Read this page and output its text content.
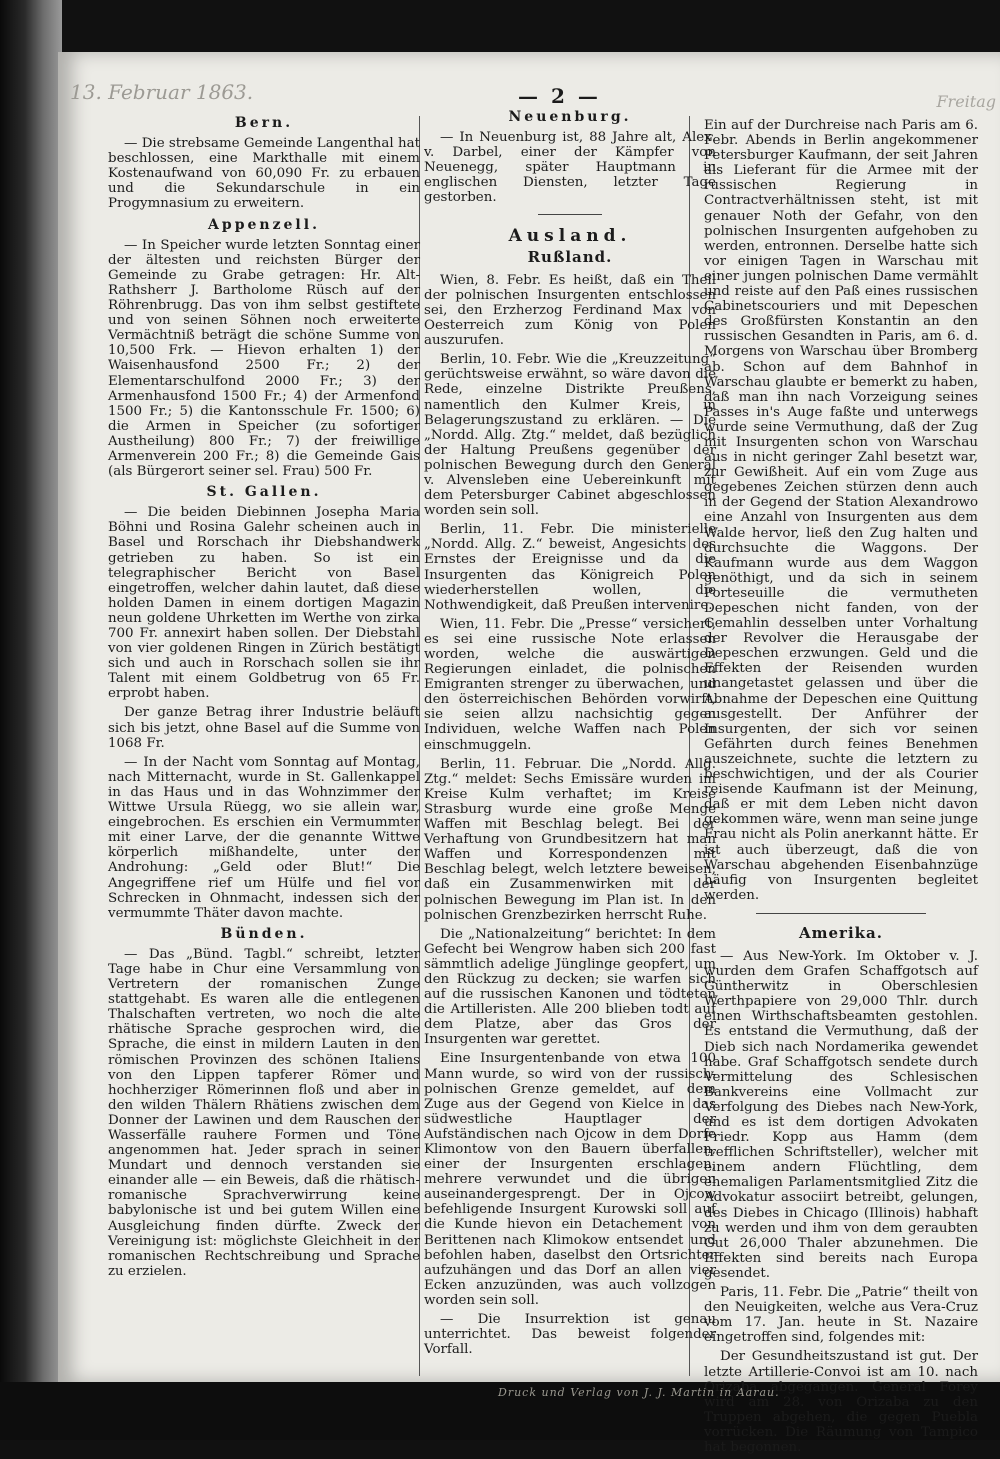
13. Februar 1863.	Freitag
— 2 —
Bern.

— Die strebsame Gemeinde Langenthal hat beschlossen, eine Markthalle mit einem Kostenaufwand von 60,090 Fr. zu erbauen und die Sekundarschule in ein Progymnasium zu erweitern.

Appenzell.

— In Speicher wurde letzten Sonntag einer der ältesten und reichsten Bürger der Gemeinde zu Grabe getragen: Hr. Alt-Rathsherr J. Bartholome Rüsch auf der Röhrenbrugg. Das von ihm selbst gestiftete und von seinen Söhnen noch erweiterte Vermächtniß beträgt die schöne Summe von 10,500 Frk. — Hievon erhalten 1) der Waisenhausfond 2500 Fr.; 2) der Elementarschulfond 2000 Fr.; 3) der Armenhausfond 1500 Fr.; 4) der Armenfond 1500 Fr.; 5) die Kantonsschule Fr. 1500; 6) die Armen in Speicher (zu sofortiger Austheilung) 800 Fr.; 7) der freiwillige Armenverein 200 Fr.; 8) die Gemeinde Gais (als Bürgerort seiner sel. Frau) 500 Fr.

St. Gallen.

— Die beiden Diebinnen Josepha Maria Böhni und Rosina Galehr scheinen auch in Basel und Rorschach ihr Diebshandwerk getrieben zu haben. So ist ein telegraphischer Bericht von Basel eingetroffen, welcher dahin lautet, daß diese holden Damen in einem dortigen Magazin neun goldene Uhrketten im Werthe von zirka 700 Fr. annexirt haben sollen. Der Diebstahl von vier goldenen Ringen in Zürich bestätigt sich und auch in Rorschach sollen sie ihr Talent mit einem Goldbetrug von 65 Fr. erprobt haben.

Der ganze Betrag ihrer Industrie beläuft sich bis jetzt, ohne Basel auf die Summe von 1068 Fr.

— In der Nacht vom Sonntag auf Montag, nach Mitternacht, wurde in St. Gallenkappel in das Haus und in das Wohnzimmer der Wittwe Ursula Rüegg, wo sie allein war, eingebrochen. Es erschien ein Vermummter mit einer Larve, der die genannte Wittwe körperlich mißhandelte, unter der Androhung: „Geld oder Blut!“ Die Angegriffene rief um Hülfe und fiel vor Schrecken in Ohnmacht, indessen sich der vermummte Thäter davon machte.

Bünden.

— Das „Bünd. Tagbl.“ schreibt, letzter Tage habe in Chur eine Versammlung von Vertretern der romanischen Zunge stattgehabt. Es waren alle die entlegenen Thalschaften vertreten, wo noch die alte rhätische Sprache gesprochen wird, die Sprache, die einst in mildern Lauten in den römischen Provinzen des schönen Italiens von den Lippen tapferer Römer und hochherziger Römerinnen floß und aber in den wilden Thälern Rhätiens zwischen dem Donner der Lawinen und dem Rauschen der Wasserfälle rauhere Formen und Töne angenommen hat. Jeder sprach in seiner Mundart und dennoch verstanden sie einander alle — ein Beweis, daß die rhätisch-romanische Sprachverwirrung keine babylonische ist und bei gutem Willen eine Ausgleichung finden dürfte. Zweck der Vereinigung ist: möglichste Gleichheit in der romanischen Rechtschreibung und Sprache zu erzielen.

Neuenburg.

— In Neuenburg ist, 88 Jahre alt, Alex. v. Darbel, einer der Kämpfer von Neuenegg, später Hauptmann in englischen Diensten, letzter Tage gestorben.

Ausland.
Rußland.

Wien, 8. Febr. Es heißt, daß ein Theil der polnischen Insurgenten entschlossen sei, den Erzherzog Ferdinand Max von Oesterreich zum König von Polen auszurufen.

Berlin, 10. Febr. Wie die „Kreuzzeitung“ gerüchtsweise erwähnt, so wäre davon die Rede, einzelne Distrikte Preußens, namentlich den Kulmer Kreis, in Belagerungszustand zu erklären. — Die „Nordd. Allg. Ztg.“ meldet, daß bezüglich der Haltung Preußens gegenüber der polnischen Bewegung durch den General v. Alvensleben eine Uebereinkunft mit dem Petersburger Cabinet abgeschlossen worden sein soll.

Berlin, 11. Febr. Die ministerielle „Nordd. Allg. Z.“ beweist, Angesichts des Ernstes der Ereignisse und da die Insurgenten das Königreich Polen wiederherstellen wollen, die Nothwendigkeit, daß Preußen intervenire.

Wien, 11. Febr. Die „Presse“ versichert, es sei eine russische Note erlassen worden, welche die auswärtigen Regierungen einladet, die polnischen Emigranten strenger zu überwachen, und den österreichischen Behörden vorwirft, sie seien allzu nachsichtig gegen Individuen, welche Waffen nach Polen einschmuggeln.

Berlin, 11. Februar. Die „Nordd. Allg. Ztg.“ meldet: Sechs Emissäre wurden im Kreise Kulm verhaftet; im Kreise Strasburg wurde eine große Menge Waffen mit Beschlag belegt. Bei der Verhaftung von Grundbesitzern hat man Waffen und Korrespondenzen mit Beschlag belegt, welch letztere beweisen, daß ein Zusammenwirken mit der polnischen Bewegung im Plan ist. In den polnischen Grenzbezirken herrscht Ruhe.

Die „Nationalzeitung“ berichtet: In dem Gefecht bei Wengrow haben sich 200 fast sämmtlich adelige Jünglinge geopfert, um den Rückzug zu decken; sie warfen sich auf die russischen Kanonen und tödteten die Artilleristen. Alle 200 blieben todt auf dem Platze, aber das Gros der Insurgenten war gerettet.

Eine Insurgentenbande von etwa 100 Mann wurde, so wird von der russisch-polnischen Grenze gemeldet, auf dem Zuge aus der Gegend von Kielce in das südwestliche Hauptlager der Aufständischen nach Ojcow in dem Dorfe Klimontow von den Bauern überfallen, einer der Insurgenten erschlagen, mehrere verwundet und die übrigen auseinandergesprengt. Der in Ojcow befehligende Insurgent Kurowski soll auf die Kunde hievon ein Detachement von Berittenen nach Klimokow entsendet und befohlen haben, daselbst den Ortsrichter aufzuhängen und das Dorf an allen vier Ecken anzuzünden, was auch vollzogen worden sein soll.

— Die Insurrektion ist genau unterrichtet. Das beweist folgender Vorfall.

Ein auf der Durchreise nach Paris am 6. Febr. Abends in Berlin angekommener Petersburger Kaufmann, der seit Jahren als Lieferant für die Armee mit der russischen Regierung in Contractverhältnissen steht, ist mit genauer Noth der Gefahr, von den polnischen Insurgenten aufgehoben zu werden, entronnen. Derselbe hatte sich vor einigen Tagen in Warschau mit einer jungen polnischen Dame vermählt und reiste auf den Paß eines russischen Cabinetscouriers und mit Depeschen des Großfürsten Konstantin an den russischen Gesandten in Paris, am 6. d. Morgens von Warschau über Bromberg ab. Schon auf dem Bahnhof in Warschau glaubte er bemerkt zu haben, daß man ihn nach Vorzeigung seines Passes in's Auge faßte und unterwegs wurde seine Vermuthung, daß der Zug mit Insurgenten schon von Warschau aus in nicht geringer Zahl besetzt war, zur Gewißheit. Auf ein vom Zuge aus gegebenes Zeichen stürzen denn auch in der Gegend der Station Alexandrowo eine Anzahl von Insurgenten aus dem Walde hervor, ließ den Zug halten und durchsuchte die Waggons. Der Kaufmann wurde aus dem Waggon genöthigt, und da sich in seinem Porteseuille die vermutheten Depeschen nicht fanden, von der Gemahlin desselben unter Vorhaltung der Revolver die Herausgabe der Depeschen erzwungen. Geld und die Effekten der Reisenden wurden unangetastet gelassen und über die Abnahme der Depeschen eine Quittung ausgestellt. Der Anführer der Insurgenten, der sich vor seinen Gefährten durch feines Benehmen auszeichnete, suchte die letztern zu beschwichtigen, und der als Courier reisende Kaufmann ist der Meinung, daß er mit dem Leben nicht davon gekommen wäre, wenn man seine junge Frau nicht als Polin anerkannt hätte. Er ist auch überzeugt, daß die von Warschau abgehenden Eisenbahnzüge häufig von Insurgenten begleitet werden.

Amerika.

— Aus New-York. Im Oktober v. J. wurden dem Grafen Schaffgotsch auf Güntherwitz in Oberschlesien Werthpapiere von 29,000 Thlr. durch einen Wirthschaftsbeamten gestohlen. Es entstand die Vermuthung, daß der Dieb sich nach Nordamerika gewendet habe. Graf Schaffgotsch sendete durch Vermittelung des Schlesischen Bankvereins eine Vollmacht zur Verfolgung des Diebes nach New-York, und es ist dem dortigen Advokaten Friedr. Kopp aus Hamm (dem trefflichen Schriftsteller), welcher mit einem andern Flüchtling, dem ehemaligen Parlamentsmitglied Zitz die Advokatur associirt betreibt, gelungen, des Diebes in Chicago (Illinois) habhaft zu werden und ihm von dem geraubten Gut 26,000 Thaler abzunehmen. Die Effekten sind bereits nach Europa gesendet.

Paris, 11. Febr. Die „Patrie“ theilt von den Neuigkeiten, welche aus Vera-Cruz vom 17. Jan. heute in St. Nazaire eingetroffen sind, folgendes mit:

Der Gesundheitszustand ist gut. Der letzte Artillerie-Convoi ist am 10. nach Orizaba abgegangen. General Forey wird am 28. von Orizaba zu den Truppen abgehen, die gegen Puebla vorrücken. Die Räumung von Tampico hat begonnen.

Druck und Verlag von J. J. Martin in Aarau.
